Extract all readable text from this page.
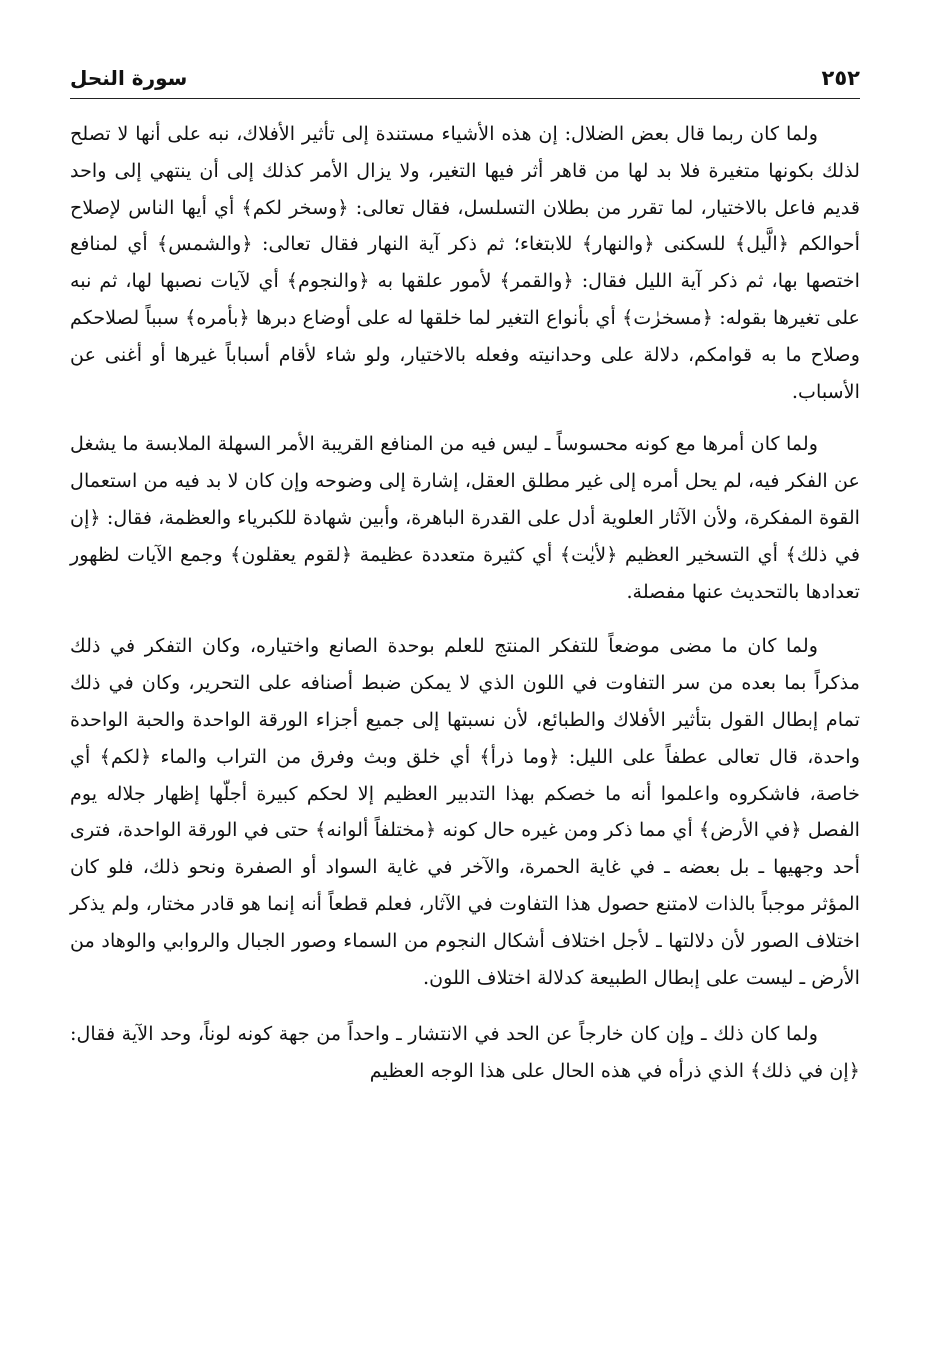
٢٥٢
سورة النحل

ولما كان ربما قال بعض الضلال: إن هذه الأشياء مستندة إلى تأثير الأفلاك، نبه على أنها لا تصلح لذلك بكونها متغيرة فلا بد لها من قاهر أثر فيها التغير، ولا يزال الأمر كذلك إلى أن ينتهي إلى واحد قديم فاعل بالاختيار، لما تقرر من بطلان التسلسل، فقال تعالى: ﴿وسخر لكم﴾ أي أيها الناس لإصلاح أحوالكم ﴿الَّيل﴾ للسكنى ﴿والنهار﴾ للابتغاء؛ ثم ذكر آية النهار فقال تعالى: ﴿والشمس﴾ أي لمنافع اختصها بها، ثم ذكر آية الليل فقال: ﴿والقمر﴾ لأمور علقها به ﴿والنجوم﴾ أي لآيات نصبها لها، ثم نبه على تغيرها بقوله: ﴿مسخرٰت﴾ أي بأنواع التغير لما خلقها له على أوضاع دبرها ﴿بأمره﴾ سبباً لصلاحكم وصلاح ما به قوامكم، دلالة على وحدانيته وفعله بالاختيار، ولو شاء لأقام أسباباً غيرها أو أغنى عن الأسباب.

ولما كان أمرها مع كونه محسوساً ـ ليس فيه من المنافع القريبة الأمر السهلة الملابسة ما يشغل عن الفكر فيه، لم يحل أمره إلى غير مطلق العقل، إشارة إلى وضوحه وإن كان لا بد فيه من استعمال القوة المفكرة، ولأن الآثار العلوية أدل على القدرة الباهرة، وأبين شهادة للكبرياء والعظمة، فقال: ﴿إن في ذلك﴾ أي التسخير العظيم ﴿لأيٰت﴾ أي كثيرة متعددة عظيمة ﴿لقوم يعقلون﴾ وجمع الآيات لظهور تعدادها بالتحديث عنها مفصلة.

ولما كان ما مضى موضعاً للتفكر المنتج للعلم بوحدة الصانع واختياره، وكان التفكر في ذلك مذكراً بما بعده من سر التفاوت في اللون الذي لا يمكن ضبط أصنافه على التحرير، وكان في ذلك تمام إبطال القول بتأثير الأفلاك والطبائع، لأن نسبتها إلى جميع أجزاء الورقة الواحدة والحبة الواحدة واحدة، قال تعالى عطفاً على الليل: ﴿وما ذرأ﴾ أي خلق وبث وفرق من التراب والماء ﴿لكم﴾ أي خاصة، فاشكروه واعلموا أنه ما خصكم بهذا التدبير العظيم إلا لحكم كبيرة أجلّها إظهار جلاله يوم الفصل ﴿في الأرض﴾ أي مما ذكر ومن غيره حال كونه ﴿مختلفاً ألوانه﴾ حتى في الورقة الواحدة، فترى أحد وجهيها ـ بل بعضه ـ في غاية الحمرة، والآخر في غاية السواد أو الصفرة ونحو ذلك، فلو كان المؤثر موجباً بالذات لامتنع حصول هذا التفاوت في الآثار، فعلم قطعاً أنه إنما هو قادر مختار، ولم يذكر اختلاف الصور لأن دلالتها ـ لأجل اختلاف أشكال النجوم من السماء وصور الجبال والروابي والوهاد من الأرض ـ ليست على إبطال الطبيعة كدلالة اختلاف اللون.

ولما كان ذلك ـ وإن كان خارجاً عن الحد في الانتشار ـ واحداً من جهة كونه لوناً، وحد الآية فقال: ﴿إن في ذلك﴾ الذي ذرأه في هذه الحال على هذا الوجه العظيم
